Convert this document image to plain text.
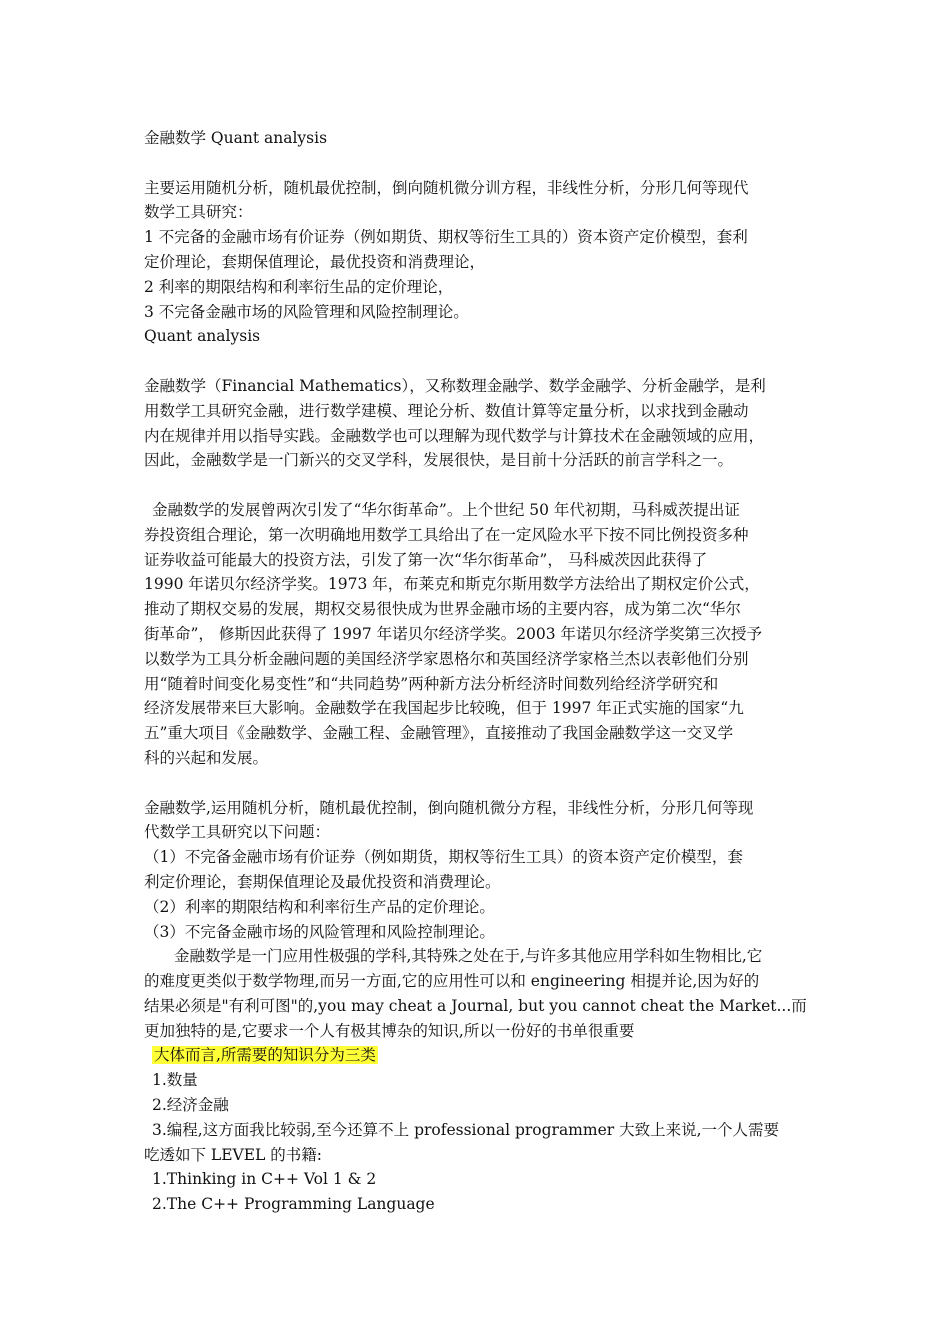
金融数学 Quant analysis
主要运用随机分析，随机最优控制，倒向随机微分训方程，非线性分析，分形几何等现代
数学工具研究：
1 不完备的金融市场有价证券（例如期货、期权等衍生工具的）资本资产定价模型，套利
定价理论，套期保值理论，最优投资和消费理论，
2 利率的期限结构和利率衍生品的定价理论，
3 不完备金融市场的风险管理和风险控制理论。
Quant analysis
金融数学（Financial Mathematics），又称数理金融学、数学金融学、分析金融学，是利
用数学工具研究金融，进行数学建模、理论分析、数值计算等定量分析，以求找到金融动
内在规律并用以指导实践。金融数学也可以理解为现代数学与计算技术在金融领域的应用，
因此，金融数学是一门新兴的交叉学科，发展很快，是目前十分活跃的前言学科之一。
金融数学的发展曾两次引发了“华尔街革命”。上个世纪 50 年代初期，马科威茨提出证
券投资组合理论，第一次明确地用数学工具给出了在一定风险水平下按不同比例投资多种
证券收益可能最大的投资方法，引发了第一次“华尔街革命”， 马科威茨因此获得了
1990 年诺贝尔经济学奖。1973 年，布莱克和斯克尔斯用数学方法给出了期权定价公式，
推动了期权交易的发展，期权交易很快成为世界金融市场的主要内容，成为第二次“华尔
街革命”， 修斯因此获得了 1997 年诺贝尔经济学奖。2003 年诺贝尔经济学奖第三次授予
以数学为工具分析金融问题的美国经济学家恩格尔和英国经济学家格兰杰以表彰他们分别
用“随着时间变化易变性”和“共同趋势”两种新方法分析经济时间数列给经济学研究和
经济发展带来巨大影响。金融数学在我国起步比较晚，但于 1997 年正式实施的国家“九
五”重大项目《金融数学、金融工程、金融管理》，直接推动了我国金融数学这一交叉学
科的兴起和发展。
金融数学,运用随机分析，随机最优控制，倒向随机微分方程，非线性分析，分形几何等现
代数学工具研究以下问题：
（1）不完备金融市场有价证券（例如期货，期权等衍生工具）的资本资产定价模型，套
利定价理论，套期保值理论及最优投资和消费理论。
（2）利率的期限结构和利率衍生产品的定价理论。
（3）不完备金融市场的风险管理和风险控制理论。
金融数学是一门应用性极强的学科,其特殊之处在于,与许多其他应用学科如生物相比,它
的难度更类似于数学物理,而另一方面,它的应用性可以和 engineering 相提并论,因为好的
结果必须是"有利可图"的,you may cheat a Journal, but you cannot cheat the Market...而
更加独特的是,它要求一个人有极其博杂的知识,所以一份好的书单很重要
大体而言,所需要的知识分为三类
1.数量
2.经济金融
3.编程,这方面我比较弱,至今还算不上 professional programmer 大致上来说,一个人需要
吃透如下 LEVEL 的书籍:
1.Thinking in C++ Vol 1 & 2
2.The C++ Programming Language
